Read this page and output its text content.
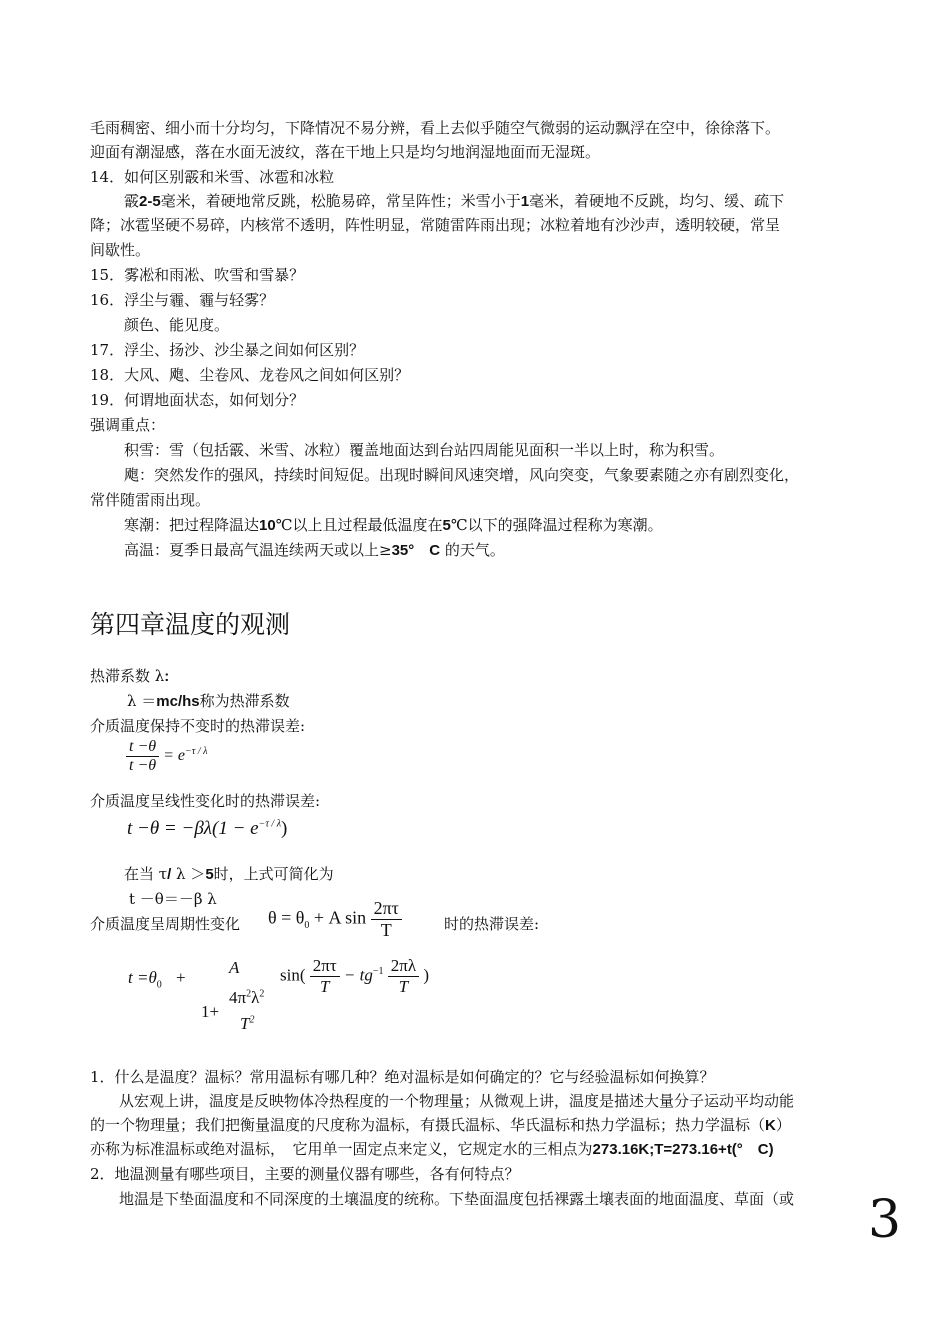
毛雨稠密、细小而十分均匀，下降情况不易分辨，看上去似乎随空气微弱的运动飘浮在空中，徐徐落下。
迎面有潮湿感，落在水面无波纹，落在干地上只是均匀地润湿地面而无湿斑。
14．如何区别霰和米雪、冰雹和冰粒
霰2-5毫米，着硬地常反跳，松脆易碎，常呈阵性；米雪小于1毫米，着硬地不反跳，均匀、缓、疏下
降；冰雹坚硬不易碎，内核常不透明，阵性明显，常随雷阵雨出现；冰粒着地有沙沙声，透明较硬，常呈
间歇性。
15．雾凇和雨凇、吹雪和雪暴？
16．浮尘与霾、霾与轻雾？
颜色、能见度。
17．浮尘、扬沙、沙尘暴之间如何区别？
18．大风、飑、尘卷风、龙卷风之间如何区别？
19．何谓地面状态，如何划分？
强调重点：
积雪：雪（包括霰、米雪、冰粒）覆盖地面达到台站四周能见面积一半以上时，称为积雪。
飑：突然发作的强风，持续时间短促。出现时瞬间风速突增，风向突变，气象要素随之亦有剧烈变化，
常伴随雷雨出现。
寒潮：把过程降温达10℃以上且过程最低温度在5℃以下的强降温过程称为寒潮。
高温：夏季日最高气温连续两天或以上≥35°　C 的天气。
第四章温度的观测
热滞系数 λ:
λ ＝mc/hs称为热滞系数
介质温度保持不变时的热滞误差:
$\frac{t -\theta}{t -\theta} = e^{-\tau / \lambda}$
介质温度呈线性变化时的热滞误差:
$t -\theta = -\beta\lambda(1 - e^{-\tau / \lambda})$
在当 τ/ λ ＞5时，上式可简化为
t －θ＝－β λ
介质温度呈周期性变化	$\theta = \theta_0 + A$ $\sin \frac{2\pi\tau}{T}$	时的热滞误差:
$t =\theta_0$ +
A
$4\pi^2\lambda^2$
1+
$T^2$
$\sin( \frac{2\pi\tau}{T} - tg^{-1} \frac{2\pi\lambda}{T}$ )
1．什么是温度？温标？常用温标有哪几种？绝对温标是如何确定的？它与经验温标如何换算？
从宏观上讲，温度是反映物体冷热程度的一个物理量；从微观上讲，温度是描述大量分子运动平均动能
的一个物理量；我们把衡量温度的尺度称为温标，有摄氏温标、华氏温标和热力学温标；热力学温标（K）
亦称为标准温标或绝对温标，　 它用单一固定点来定义，它规定水的三相点为273.16K;T=273.16+t(°　C)
2．地温测量有哪些项目，主要的测量仪器有哪些，各有何特点？
地温是下垫面温度和不同深度的土壤温度的统称。下垫面温度包括裸露土壤表面的地面温度、草面（或	3
